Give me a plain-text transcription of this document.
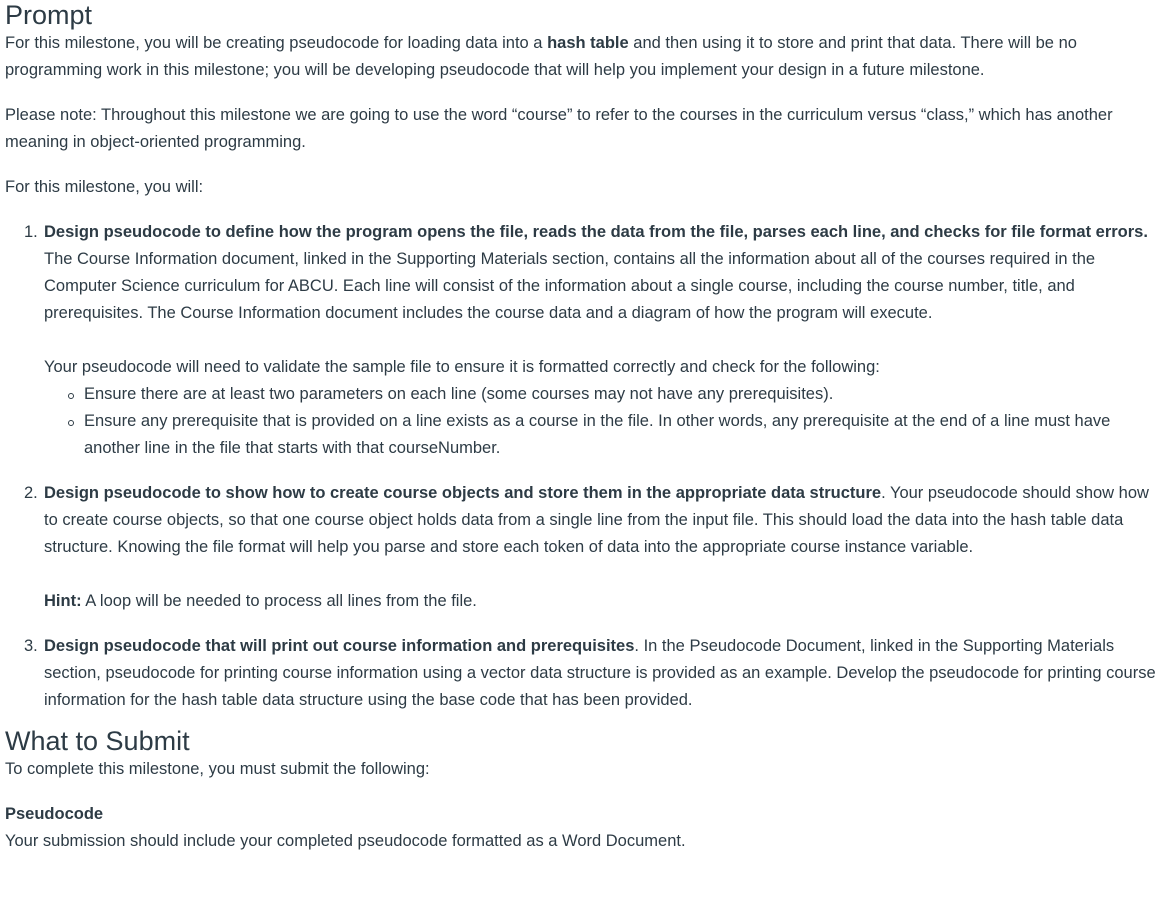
Prompt

For this milestone, you will be creating pseudocode for loading data into a hash table and then using it to store and print that data. There will be no programming work in this milestone; you will be developing pseudocode that will help you implement your design in a future milestone.

Please note: Throughout this milestone we are going to use the word “course” to refer to the courses in the curriculum versus “class,” which has another meaning in object-oriented programming.

For this milestone, you will:

1. Design pseudocode to define how the program opens the file, reads the data from the file, parses each line, and checks for file format errors. The Course Information document, linked in the Supporting Materials section, contains all the information about all of the courses required in the Computer Science curriculum for ABCU. Each line will consist of the information about a single course, including the course number, title, and prerequisites. The Course Information document includes the course data and a diagram of how the program will execute.

Your pseudocode will need to validate the sample file to ensure it is formatted correctly and check for the following:

Ensure there are at least two parameters on each line (some courses may not have any prerequisites).
Ensure any prerequisite that is provided on a line exists as a course in the file. In other words, any prerequisite at the end of a line must have another line in the file that starts with that courseNumber.
2. Design pseudocode to show how to create course objects and store them in the appropriate data structure. Your pseudocode should show how to create course objects, so that one course object holds data from a single line from the input file. This should load the data into the hash table data structure. Knowing the file format will help you parse and store each token of data into the appropriate course instance variable.

Hint: A loop will be needed to process all lines from the file.

3. Design pseudocode that will print out course information and prerequisites. In the Pseudocode Document, linked in the Supporting Materials section, pseudocode for printing course information using a vector data structure is provided as an example. Develop the pseudocode for printing course information for the hash table data structure using the base code that has been provided.

What to Submit

To complete this milestone, you must submit the following:

Pseudocode

Your submission should include your completed pseudocode formatted as a Word Document.
